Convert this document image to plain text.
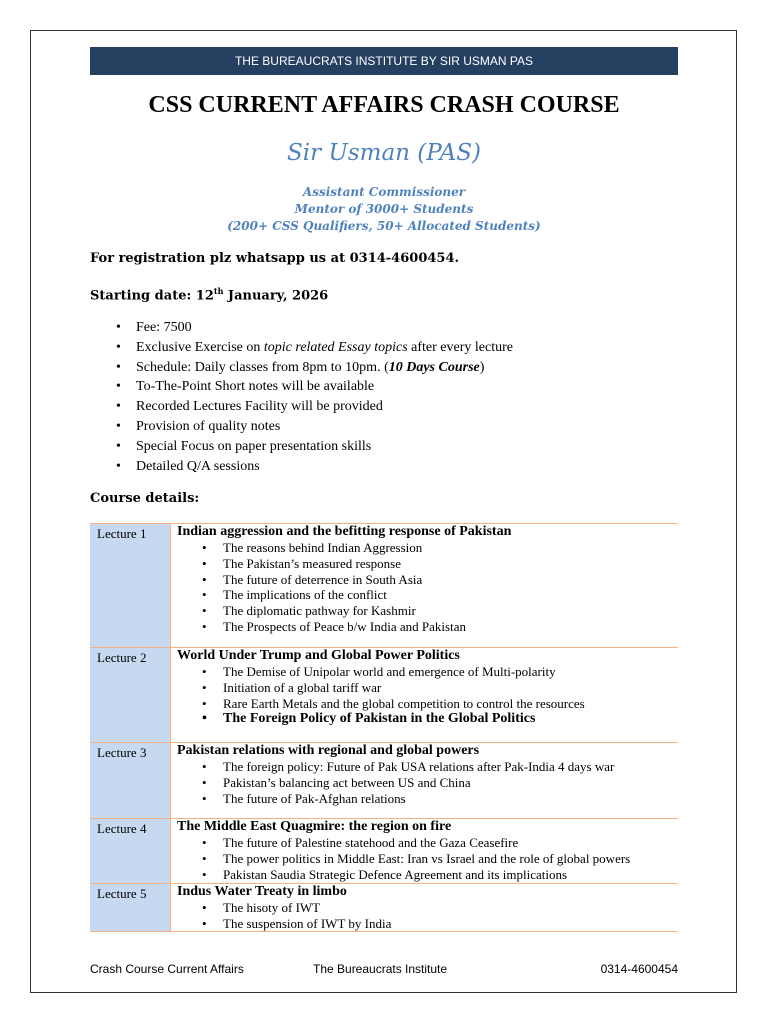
THE BUREAUCRATS INSTITUTE BY SIR USMAN PAS
CSS CURRENT AFFAIRS CRASH COURSE
Sir Usman (PAS)
Assistant Commissioner
Mentor of 3000+ Students
(200+ CSS Qualifiers, 50+ Allocated Students)
For registration plz whatsapp us at 0314-4600454.
Starting date: 12th January, 2026
• Fee: 7500
• Exclusive Exercise on topic related Essay topics after every lecture
• Schedule: Daily classes from 8pm to 10pm. (10 Days Course)
• To-The-Point Short notes will be available
• Recorded Lectures Facility will be provided
• Provision of quality notes
• Special Focus on paper presentation skills
• Detailed Q/A sessions
Course details:
Lecture 1	Indian aggression and the befitting response of Pakistan
• The reasons behind Indian Aggression
• The Pakistan’s measured response
• The future of deterrence in South Asia
• The implications of the conflict
• The diplomatic pathway for Kashmir
• The Prospects of Peace b/w India and Pakistan
Lecture 2	World Under Trump and Global Power Politics
• The Demise of Unipolar world and emergence of Multi-polarity
• Initiation of a global tariff war
• Rare Earth Metals and the global competition to control the resources
• The Foreign Policy of Pakistan in the Global Politics
Lecture 3	Pakistan relations with regional and global powers
• The foreign policy: Future of Pak USA relations after Pak-India 4 days war
• Pakistan’s balancing act between US and China
• The future of Pak-Afghan relations
Lecture 4	The Middle East Quagmire: the region on fire
• The future of Palestine statehood and the Gaza Ceasefire
• The power politics in Middle East: Iran vs Israel and the role of global powers
• Pakistan Saudia Strategic Defence Agreement and its implications
Lecture 5	Indus Water Treaty in limbo
• The hisoty of IWT
• The suspension of IWT by India
Crash Course Current Affairs	The Bureaucrats Institute	0314-4600454
